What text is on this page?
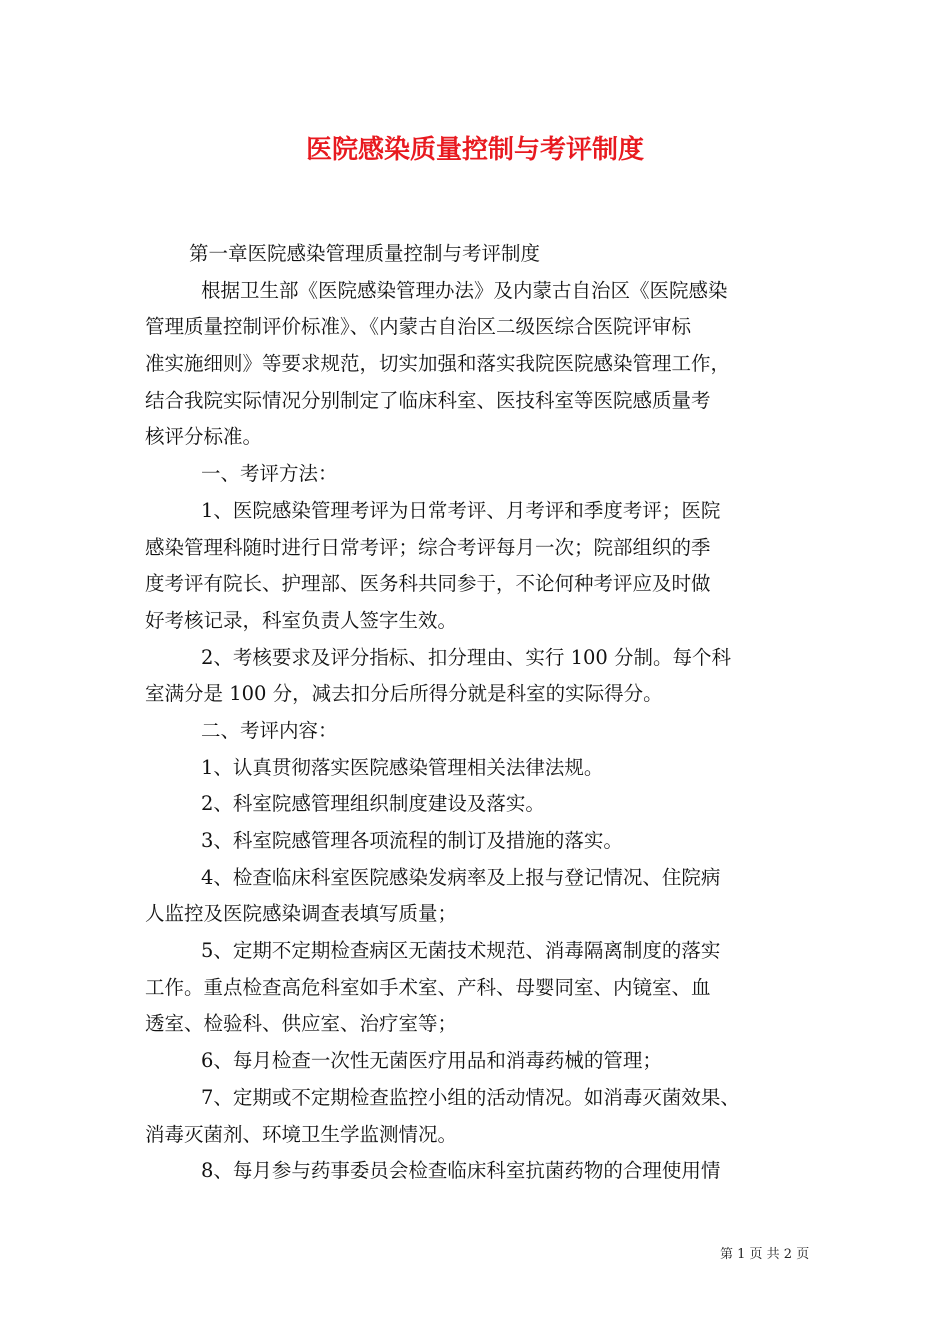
医院感染质量控制与考评制度
第一章医院感染管理质量控制与考评制度
根据卫生部《医院感染管理办法》及内蒙古自治区《医院感染
管理质量控制评价标准》、《内蒙古自治区二级医综合医院评审标
准实施细则》等要求规范，切实加强和落实我院医院感染管理工作，
结合我院实际情况分别制定了临床科室、医技科室等医院感质量考
核评分标准。
一、考评方法：
1、医院感染管理考评为日常考评、月考评和季度考评；医院
感染管理科随时进行日常考评；综合考评每月一次；院部组织的季
度考评有院长、护理部、医务科共同参于，不论何种考评应及时做
好考核记录，科室负责人签字生效。
2、考核要求及评分指标、扣分理由、实行 100 分制。每个科
室满分是 100 分，减去扣分后所得分就是科室的实际得分。
二、考评内容：
1、认真贯彻落实医院感染管理相关法律法规。
2、科室院感管理组织制度建设及落实。
3、科室院感管理各项流程的制订及措施的落实。
4、检查临床科室医院感染发病率及上报与登记情况、住院病
人监控及医院感染调查表填写质量；
5、定期不定期检查病区无菌技术规范、消毒隔离制度的落实
工作。重点检查高危科室如手术室、产科、母婴同室、内镜室、血
透室、检验科、供应室、治疗室等；
6、每月检查一次性无菌医疗用品和消毒药械的管理；
7、定期或不定期检查监控小组的活动情况。如消毒灭菌效果、
消毒灭菌剂、环境卫生学监测情况。
8、每月参与药事委员会检查临床科室抗菌药物的合理使用情
第 1 页 共 2 页
